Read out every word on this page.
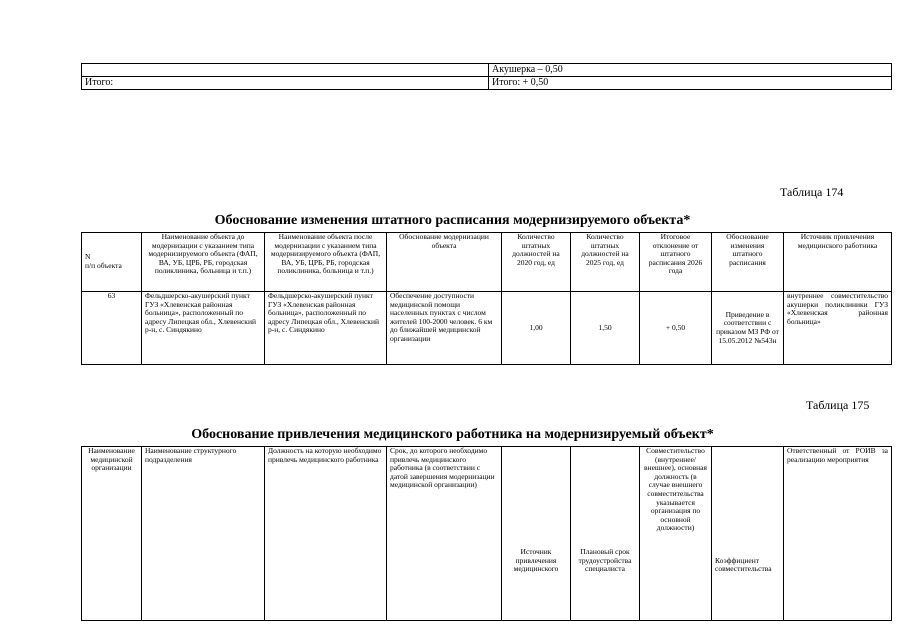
	Акушерка – 0,50
Итого:	Итого: + 0,50
Таблица 174
Обоснование изменения штатного расписания модернизируемого объекта*
N
п/п объекта	Наименование объекта до модернизации с указанием типа модернизируемого объекта (ФАП, ВА, УБ, ЦРБ, РБ, городская поликлиника, больница и т.п.)	Наименование объекта после модернизации с указанием типа модернизируемого объекта (ФАП, ВА, УБ, ЦРБ, РБ, городская поликлиника, больница и т.п.)	Обоснование модернизации объекта	Количество штатных должностей на 2020 год, ед	Количество штатных должностей на 2025 год, ед	Итоговое отклонение от штатного расписания 2026 года	Обоснование изменения штатного расписания	Источник привлечения медицинского работника
63	Фельдшерско-акушерский пункт ГУЗ «Хлевенская районная больница», расположенный по адресу Липецкая обл., Хлевенский р-н, с. Синдякино	Фельдшерско-акушерский пункт ГУЗ «Хлевенская районная больница», расположенный по адресу Липецкая обл., Хлевенский р-н, с. Синдякино	Обеспечение доступности медицинской помощи населенных пунктах с числом жителей 100-2000 человек. 6 км до ближайшей медицинской организации	1,00	1,50	+ 0,50	Приведение в соответствии с приказом МЗ РФ от 15.05.2012 №543н	внутреннее совместительство акушерки поликлиники ГУЗ «Хлевенская районная больница»
Таблица 175
Обоснование привлечения медицинского работника на модернизируемый объект*
Наименование медицинской организации	Наименование структурного подразделения	Должность на которую необходимо привлечь медицинского работника	Срок, до которого необходимо привлечь медицинского работника (в соответствии с датой завершения модернизации медицинской организации)	Источник привлечения медицинского	Плановый срок трудоустройства специалиста	Совместительство (внутреннее/внешнее), основная должность (в случае внешнего совместительства указывается организация по основной должности)	Коэффициент совместительства	Ответственный от РОИВ за реализацию мероприятия
